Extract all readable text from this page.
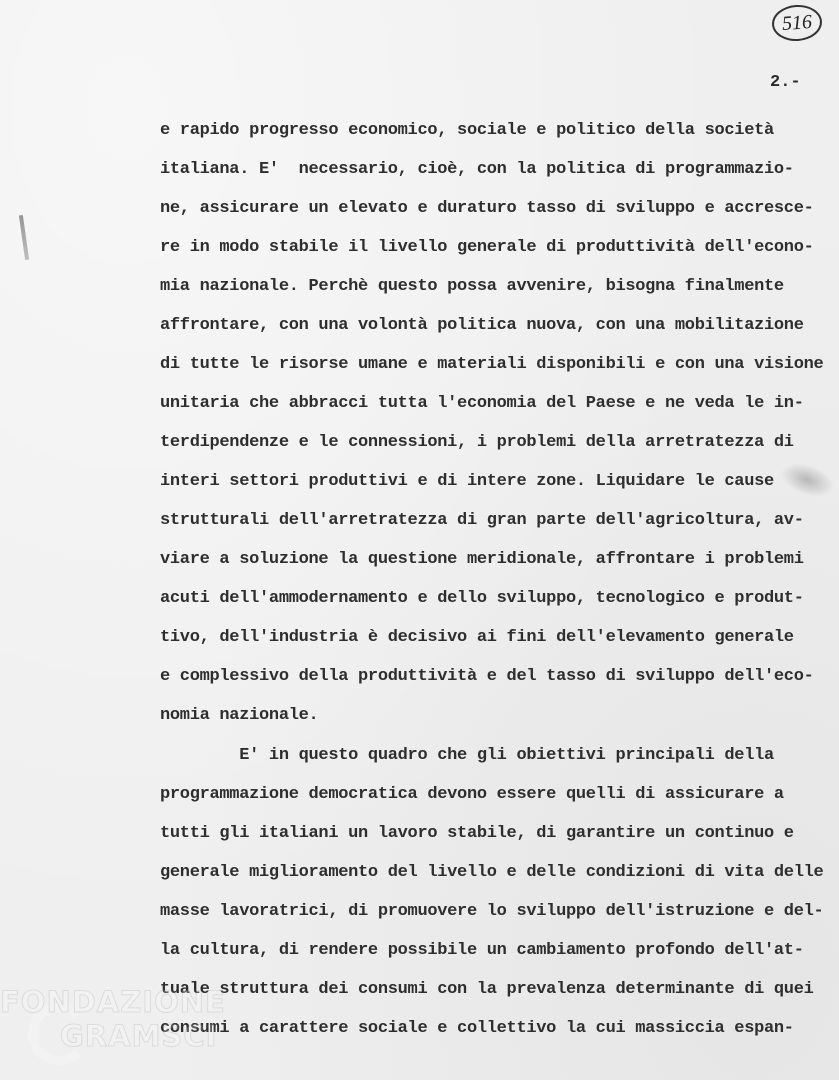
516
2.-
e rapido progresso economico, sociale e politico della società
italiana. E'  necessario, cioè, con la politica di programmazio-
ne, assicurare un elevato e duraturo tasso di sviluppo e accresce-
re in modo stabile il livello generale di produttività dell'econo-
mia nazionale. Perchè questo possa avvenire, bisogna finalmente
affrontare, con una volontà politica nuova, con una mobilitazione
di tutte le risorse umane e materiali disponibili e con una visione
unitaria che abbracci tutta l'economia del Paese e ne veda le in-
terdipendenze e le connessioni, i problemi della arretratezza di
interi settori produttivi e di intere zone. Liquidare le cause
strutturali dell'arretratezza di gran parte dell'agricoltura, av-
viare a soluzione la questione meridionale, affrontare i problemi
acuti dell'ammodernamento e dello sviluppo, tecnologico e produt-
tivo, dell'industria è decisivo ai fini dell'elevamento generale
e complessivo della produttività e del tasso di sviluppo dell'eco-
nomia nazionale.
E' in questo quadro che gli obiettivi principali della
programmazione democratica devono essere quelli di assicurare a
tutti gli italiani un lavoro stabile, di garantire un continuo e
generale miglioramento del livello e delle condizioni di vita delle
masse lavoratrici, di promuovere lo sviluppo dell'istruzione e del-
la cultura, di rendere possibile un cambiamento profondo dell'at-
tuale struttura dei consumi con la prevalenza determinante di quei
consumi a carattere sociale e collettivo la cui massiccia espan-
FONDAZIONE
GRAMSCI
